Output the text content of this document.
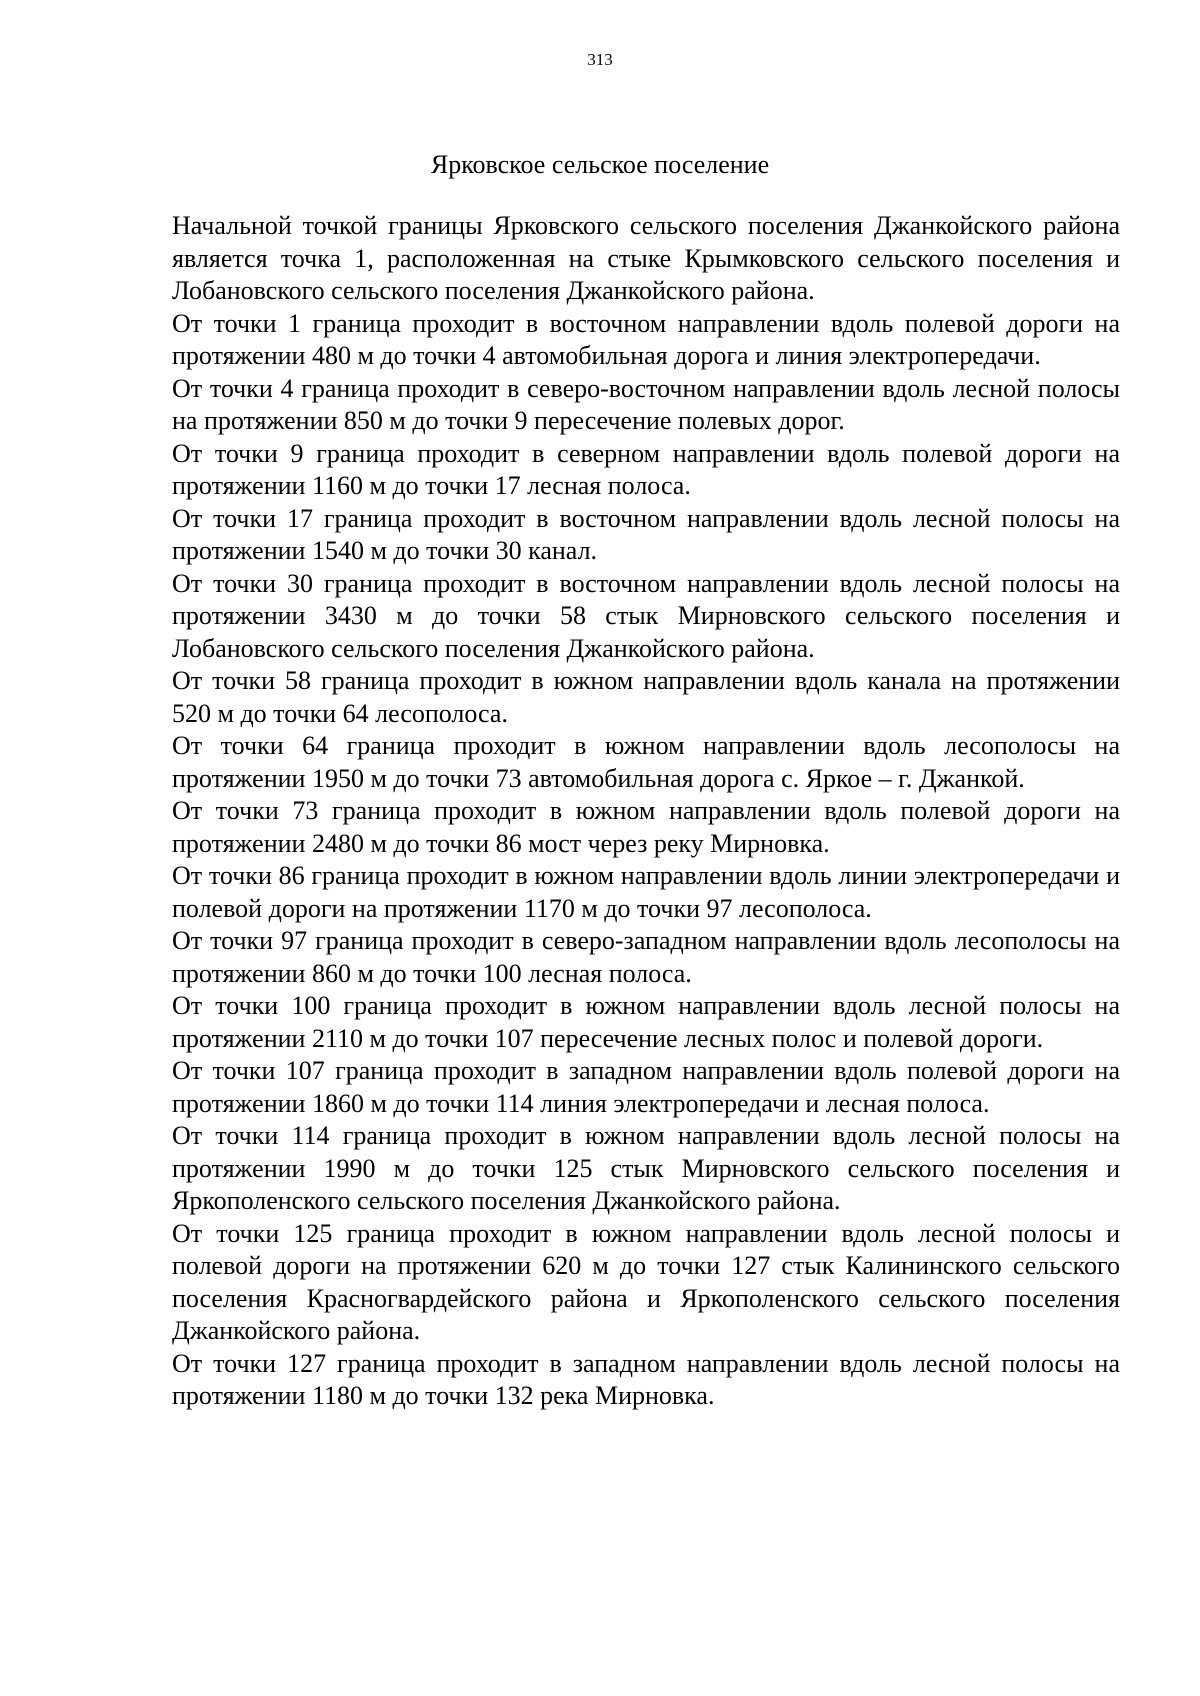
313
Ярковское сельское поселение

Начальной точкой границы Ярковского сельского поселения Джанкойского района является точка 1, расположенная на стыке Крымковского сельского поселения и Лобановского сельского поселения Джанкойского района.

От точки 1 граница проходит в восточном направлении вдоль полевой дороги на протяжении 480 м до точки 4 автомобильная дорога и линия электропередачи.

От точки 4 граница проходит в северо-восточном направлении вдоль лесной полосы на протяжении 850 м до точки 9 пересечение полевых дорог.

От точки 9 граница проходит в северном направлении вдоль полевой дороги на протяжении 1160 м до точки 17 лесная полоса.

От точки 17 граница проходит в восточном направлении вдоль лесной полосы на протяжении 1540 м до точки 30 канал.

От точки 30 граница проходит в восточном направлении вдоль лесной полосы на протяжении 3430 м до точки 58 стык Мирновского сельского поселения и Лобановского сельского поселения Джанкойского района.

От точки 58 граница проходит в южном направлении вдоль канала на протяжении 520 м до точки 64 лесополоса.

От точки 64 граница проходит в южном направлении вдоль лесополосы на протяжении 1950 м до точки 73 автомобильная дорога с. Яркое – г. Джанкой.

От точки 73 граница проходит в южном направлении вдоль полевой дороги на протяжении 2480 м до точки 86 мост через реку Мирновка.

От точки 86 граница проходит в южном направлении вдоль линии электропередачи и полевой дороги на протяжении 1170 м до точки 97 лесополоса.

От точки 97 граница проходит в северо-западном направлении вдоль лесополосы на протяжении 860 м до точки 100 лесная полоса.

От точки 100 граница проходит в южном направлении вдоль лесной полосы на протяжении 2110 м до точки 107 пересечение лесных полос и полевой дороги.

От точки 107 граница проходит в западном направлении вдоль полевой дороги на протяжении 1860 м до точки 114 линия электропередачи и лесная полоса.

От точки 114 граница проходит в южном направлении вдоль лесной полосы на протяжении 1990 м до точки 125 стык Мирновского сельского поселения и Яркополенского сельского поселения Джанкойского района.

От точки 125 граница проходит в южном направлении вдоль лесной полосы и полевой дороги на протяжении 620 м до точки 127 стык Калининского сельского поселения Красногвардейского района и Яркополенского сельского поселения Джанкойского района.

От точки 127 граница проходит в западном направлении вдоль лесной полосы на протяжении 1180 м до точки 132 река Мирновка.
